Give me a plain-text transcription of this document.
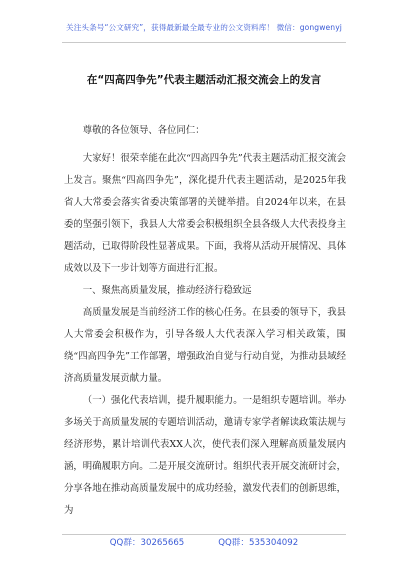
关注头条号“公文研究”，获得最新最全最专业的公文资料库！ 微信：gongwenyj
在“四高四争先”代表主题活动汇报交流会上的发言

尊敬的各位领导、各位同仁：

大家好！很荣幸能在此次“四高四争先”代表主题活动汇报交流会上发言。聚焦“四高四争先”，深化提升代表主题活动，是2025年我省人大常委会落实省委决策部署的关键举措。自2024年以来，在县委的坚强引领下，我县人大常委会积极组织全县各级人大代表投身主题活动，已取得阶段性显著成果。下面，我将从活动开展情况、具体成效以及下一步计划等方面进行汇报。

一、聚焦高质量发展，推动经济行稳致远

高质量发展是当前经济工作的核心任务。在县委的领导下，我县人大常委会积极作为，引导各级人大代表深入学习相关政策，围绕“四高四争先”工作部署，增强政治自觉与行动自觉，为推动县域经济高质量发展贡献力量。

（一）强化代表培训，提升履职能力。一是组织专题培训。举办多场关于高质量发展的专题培训活动，邀请专家学者解读政策法规与经济形势，累计培训代表XX人次，使代表们深入理解高质量发展内涵，明确履职方向。二是开展交流研讨。组织代表开展交流研讨会，分享各地在推动高质量发展中的成功经验，激发代表们的创新思维，为

QQ群：30265665	QQ群：535304092
